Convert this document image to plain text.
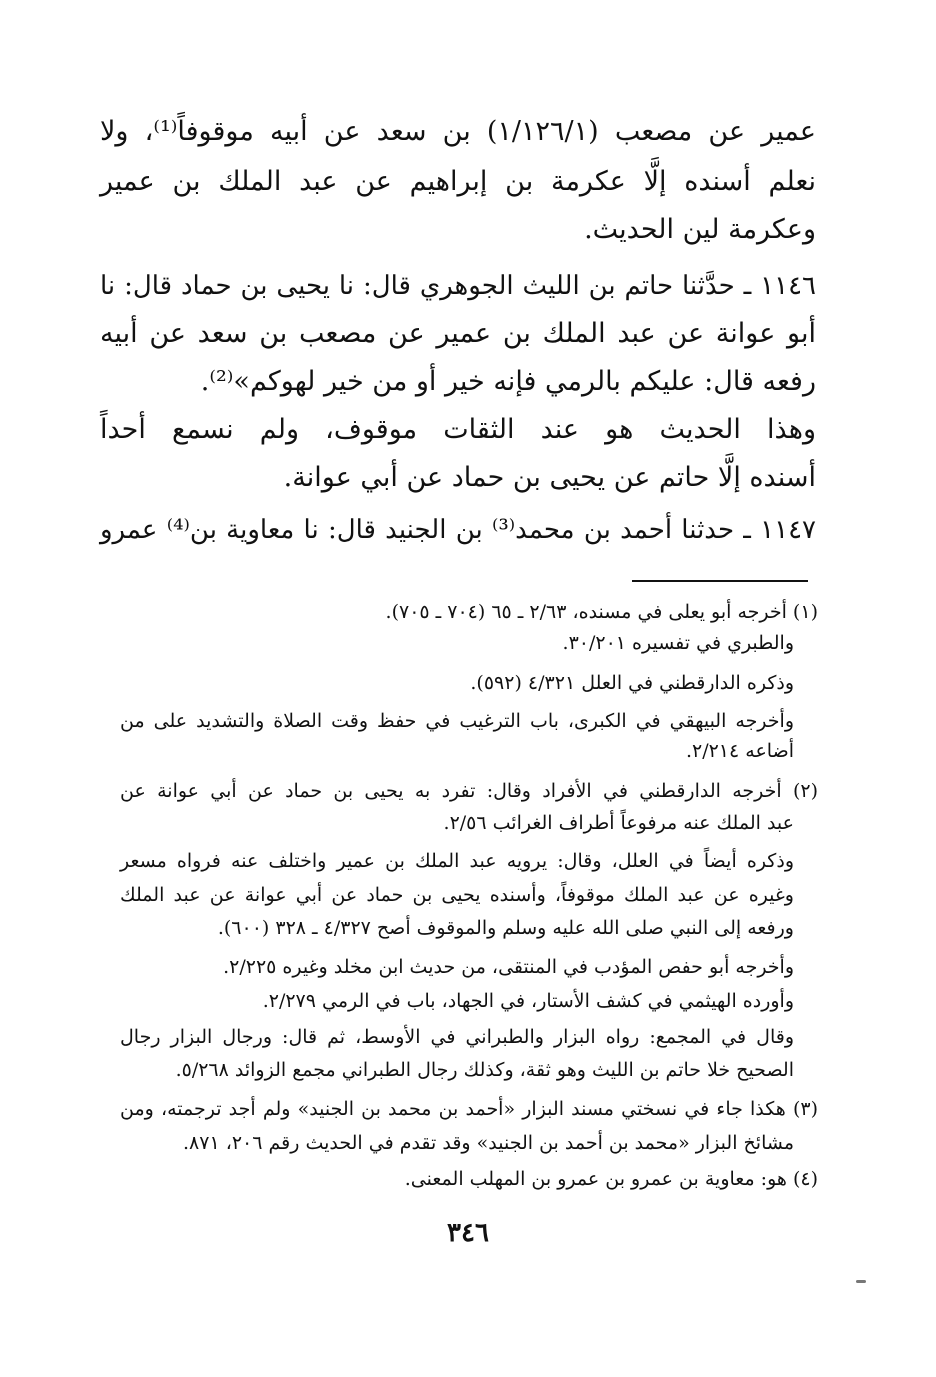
عمير عن مصعب (١/١٢٦/١) بن سعد عن أبيه موقوفاً⁽¹⁾، ولا
نعلم أسنده إلَّا عكرمة بن إبراهيم عن عبد الملك بن عمير
وعكرمة لين الحديث.
١١٤٦ ـ حدَّثنا حاتم بن الليث الجوهري قال: نا يحيى بن حماد قال: نا
أبو عوانة عن عبد الملك بن عمير عن مصعب بن سعد عن أبيه
رفعه قال: عليكم بالرمي فإنه خير أو من خير لهوكم»⁽²⁾.
وهذا الحديث هو عند الثقات موقوف، ولم نسمع أحداً
أسنده إلَّا حاتم عن يحيى بن حماد عن أبي عوانة.
١١٤٧ ـ حدثنا أحمد بن محمد⁽³⁾ بن الجنيد قال: نا معاوية بن⁽⁴⁾ عمرو
(١) أخرجه أبو يعلى في مسنده، ٢/٦٣ ـ ٦٥ (٧٠٤ ـ ٧٠٥).
والطبري في تفسيره ٣٠/٢٠١.
وذكره الدارقطني في العلل ٤/٣٢١ (٥٩٢).
وأخرجه البيهقي في الكبرى، باب الترغيب في حفظ وقت الصلاة والتشديد على من
أضاعه ٢/٢١٤.
(٢) أخرجه الدارقطني في الأفراد وقال: تفرد به يحيى بن حماد عن أبي عوانة عن
عبد الملك عنه مرفوعاً أطراف الغرائب ٢/٥٦.
وذكره أيضاً في العلل، وقال: يرويه عبد الملك بن عمير واختلف عنه فرواه مسعر
وغيره عن عبد الملك موقوفاً، وأسنده يحيى بن حماد عن أبي عوانة عن عبد الملك
ورفعه إلى النبي صلى الله عليه وسلم والموقوف أصح ٤/٣٢٧ ـ ٣٢٨ (٦٠٠).
وأخرجه أبو حفص المؤدب في المنتقى، من حديث ابن مخلد وغيره ٢/٢٢٥.
وأورده الهيثمي في كشف الأستار، في الجهاد، باب في الرمي ٢/٢٧٩.
وقال في المجمع: رواه البزار والطبراني في الأوسط، ثم قال: ورجال البزار رجال
الصحيح خلا حاتم بن الليث وهو ثقة، وكذلك رجال الطبراني مجمع الزوائد ٥/٢٦٨.
(٣) هكذا جاء في نسختي مسند البزار «أحمد بن محمد بن الجنيد» ولم أجد ترجمته، ومن
مشائخ البزار «محمد بن أحمد بن الجنيد» وقد تقدم في الحديث رقم ٢٠٦، ٨٧١.
(٤) هو: معاوية بن عمرو بن عمرو بن المهلب المعنى.
٣٤٦
